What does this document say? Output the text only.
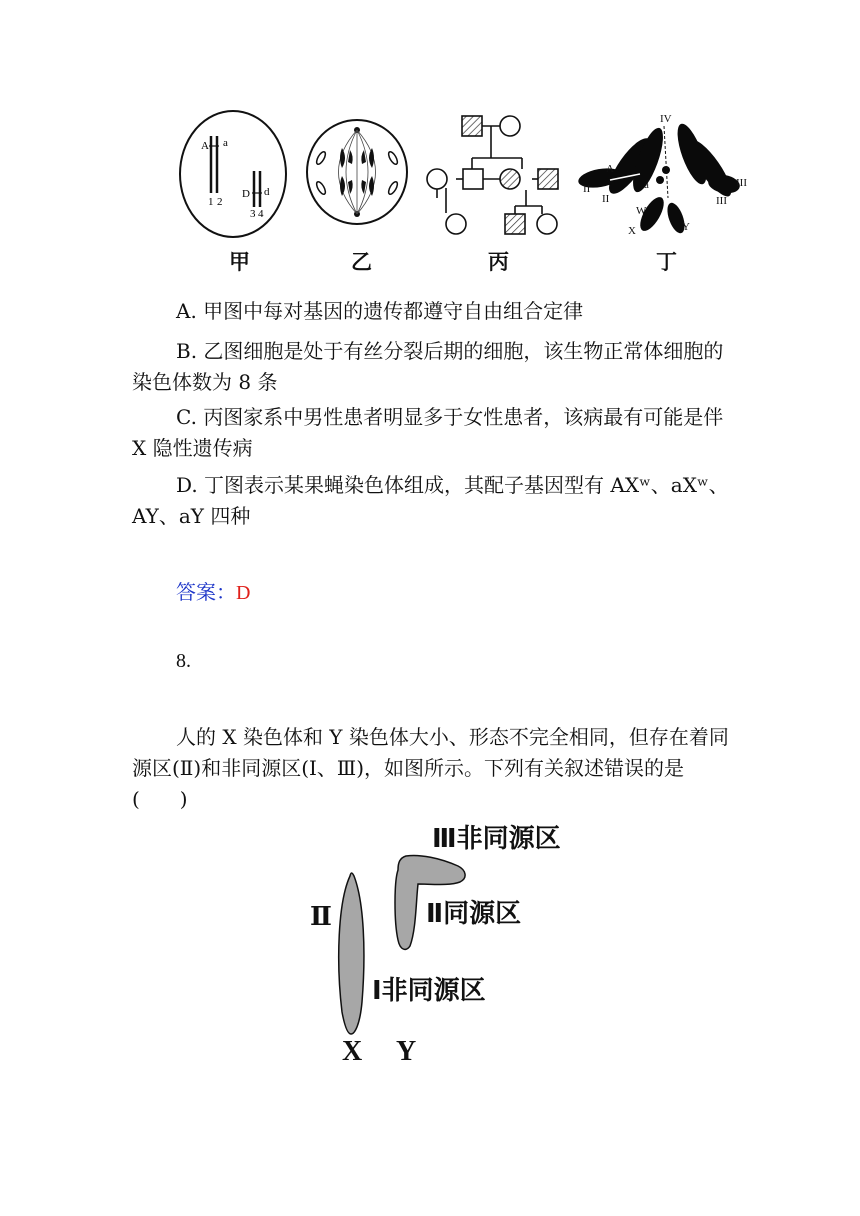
A a
D d
1 2
3 4
IV
A
a
II
II
III
III
W
X	Y
甲	乙	丙	丁

A. 甲图中每对基因的遗传都遵守自由组合定律

B. 乙图细胞是处于有丝分裂后期的细胞，该生物正常体细胞的染色体数为 8 条

C. 丙图家系中男性患者明显多于女性患者，该病最有可能是伴 X 隐性遗传病

D. 丁图表示某果蝇染色体组成，其配子基因型有 AXʷ、aXʷ、AY、aY 四种

答案：D
8.

人的 X 染色体和 Y 染色体大小、形态不完全相同，但存在着同源区(Ⅱ)和非同源区(Ⅰ、Ⅲ)，如图所示。下列有关叙述错误的是(　　)

Ⅲ非同源区
Ⅱ同源区
Ⅱ
Ⅰ非同源区
X Y
